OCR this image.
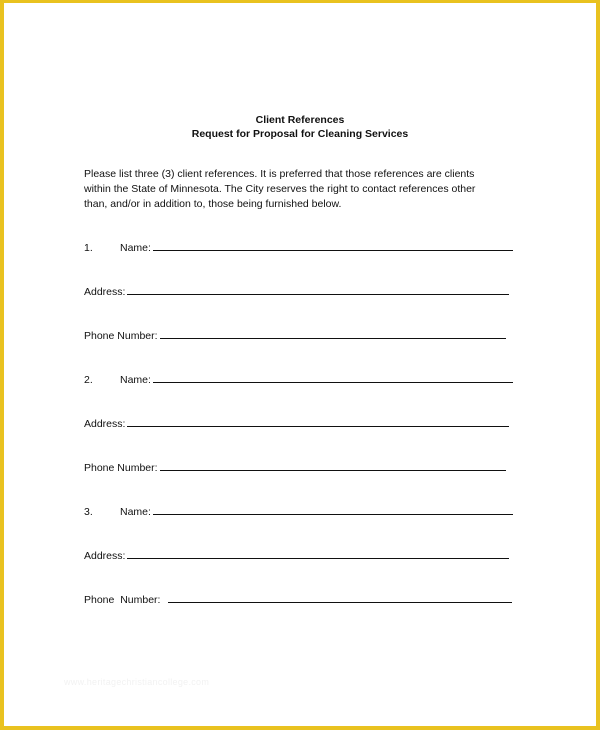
Client References
Request for Proposal for Cleaning Services
Please list three (3) client references. It is preferred that those references are clients
within the State of Minnesota. The City reserves the right to contact references other
than, and/or in addition to, those being furnished below.
1.	Name:
Address:
Phone Number:
2.	Name:
Address:
Phone Number:
3.	Name:
Address:
Phone  Number:
www.heritagechristiancollege.com
